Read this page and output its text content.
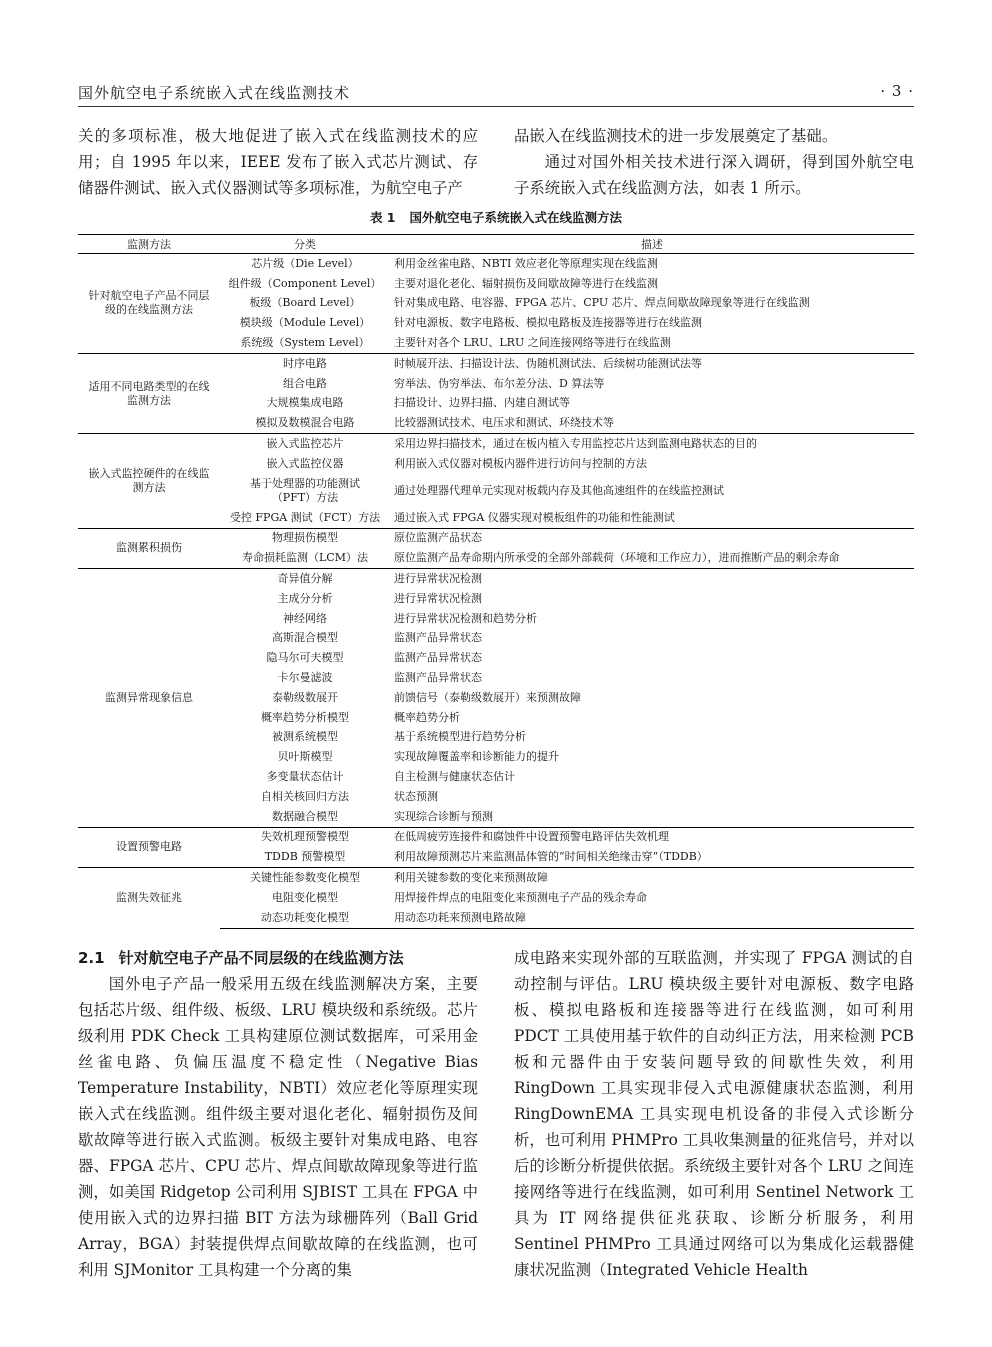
国外航空电子系统嵌入式在线监测技术	· 3 ·

关的多项标准，极大地促进了嵌入式在线监测技术的应用；自 1995 年以来，IEEE 发布了嵌入式芯片测试、存储器件测试、嵌入式仪器测试等多项标准，为航空电子产

品嵌入在线监测技术的进一步发展奠定了基础。

通过对国外相关技术进行深入调研，得到国外航空电子系统嵌入式在线监测方法，如表 1 所示。

表 1 国外航空电子系统嵌入式在线监测方法
监测方法	分类	描述
针对航空电子产品不同层级的在线监测方法	芯片级（Die Level）	利用金丝雀电路、NBTI 效应老化等原理实现在线监测
	组件级（Component Level）	主要对退化老化、辐射损伤及间歇故障等进行在线监测
	板级（Board Level）	针对集成电路、电容器、FPGA 芯片、CPU 芯片、焊点间歇故障现象等进行在线监测
	模块级（Module Level）	针对电源板、数字电路板、模拟电路板及连接器等进行在线监测
	系统级（System Level）	主要针对各个 LRU、LRU 之间连接网络等进行在线监测
适用不同电路类型的在线监测方法	时序电路	时帧展开法、扫描设计法、伪随机测试法、后续树功能测试法等
	组合电路	穷举法、伪穷举法、布尔差分法、D 算法等
	大规模集成电路	扫描设计、边界扫描、内建自测试等
	模拟及数模混合电路	比较器测试技术、电压求和测试、环绕技术等
嵌入式监控硬件的在线监测方法	嵌入式监控芯片	采用边界扫描技术，通过在板内植入专用监控芯片达到监测电路状态的目的
	嵌入式监控仪器	利用嵌入式仪器对模板内器件进行访问与控制的方法
	基于处理器的功能测试（PFT）方法	通过处理器代理单元实现对板载内存及其他高速组件的在线监控测试
	受控 FPGA 测试（FCT）方法	通过嵌入式 FPGA 仪器实现对模板组件的功能和性能测试
监测累积损伤	物理损伤模型	原位监测产品状态
	寿命损耗监测（LCM）法	原位监测产品寿命期内所承受的全部外部载荷（环境和工作应力），进而推断产品的剩余寿命
监测异常现象信息	奇异值分解	进行异常状况检测
	主成分分析	进行异常状况检测
	神经网络	进行异常状况检测和趋势分析
	高斯混合模型	监测产品异常状态
	隐马尔可夫模型	监测产品异常状态
	卡尔曼滤波	监测产品异常状态
	泰勒级数展开	前馈信号（泰勒级数展开）来预测故障
	概率趋势分析模型	概率趋势分析
	被测系统模型	基于系统模型进行趋势分析
	贝叶斯模型	实现故障覆盖率和诊断能力的提升
	多变量状态估计	自主检测与健康状态估计
	自相关核回归方法	状态预测
	数据融合模型	实现综合诊断与预测
设置预警电路	失效机理预警模型	在低周疲劳连接件和腐蚀件中设置预警电路评估失效机理
	TDDB 预警模型	利用故障预测芯片来监测晶体管的“时间相关绝缘击穿”（TDDB）
监测失效征兆	关键性能参数变化模型	利用关键参数的变化来预测故障
	电阻变化模型	用焊接件焊点的电阻变化来预测电子产品的残余寿命
	动态功耗变化模型	用动态功耗来预测电路故障

2.1 针对航空电子产品不同层级的在线监测方法

国外电子产品一般采用五级在线监测解决方案，主要包括芯片级、组件级、板级、LRU 模块级和系统级。芯片级利用 PDK Check 工具构建原位测试数据库，可采用金丝雀电路、负偏压温度不稳定性（Negative Bias Temperature Instability，NBTI）效应老化等原理实现嵌入式在线监测。组件级主要对退化老化、辐射损伤及间歇故障等进行嵌入式监测。板级主要针对集成电路、电容器、FPGA 芯片、CPU 芯片、焊点间歇故障现象等进行监测，如美国 Ridgetop 公司利用 SJBIST 工具在 FPGA 中使用嵌入式的边界扫描 BIT 方法为球栅阵列（Ball Grid Array，BGA）封装提供焊点间歇故障的在线监测，也可利用 SJMonitor 工具构建一个分离的集

成电路来实现外部的互联监测，并实现了 FPGA 测试的自动控制与评估。LRU 模块级主要针对电源板、数字电路板、模拟电路板和连接器等进行在线监测，如可利用 PDCT 工具使用基于软件的自动纠正方法，用来检测 PCB 板和元器件由于安装问题导致的间歇性失效，利用 RingDown 工具实现非侵入式电源健康状态监测，利用 RingDownEMA 工具实现电机设备的非侵入式诊断分析，也可利用 PHMPro 工具收集测量的征兆信号，并对以后的诊断分析提供依据。系统级主要针对各个 LRU 之间连接网络等进行在线监测，如可利用 Sentinel Network 工具为 IT 网络提供征兆获取、诊断分析服务，利用 Sentinel PHMPro 工具通过网络可以为集成化运载器健康状况监测（Integrated Vehicle Health
